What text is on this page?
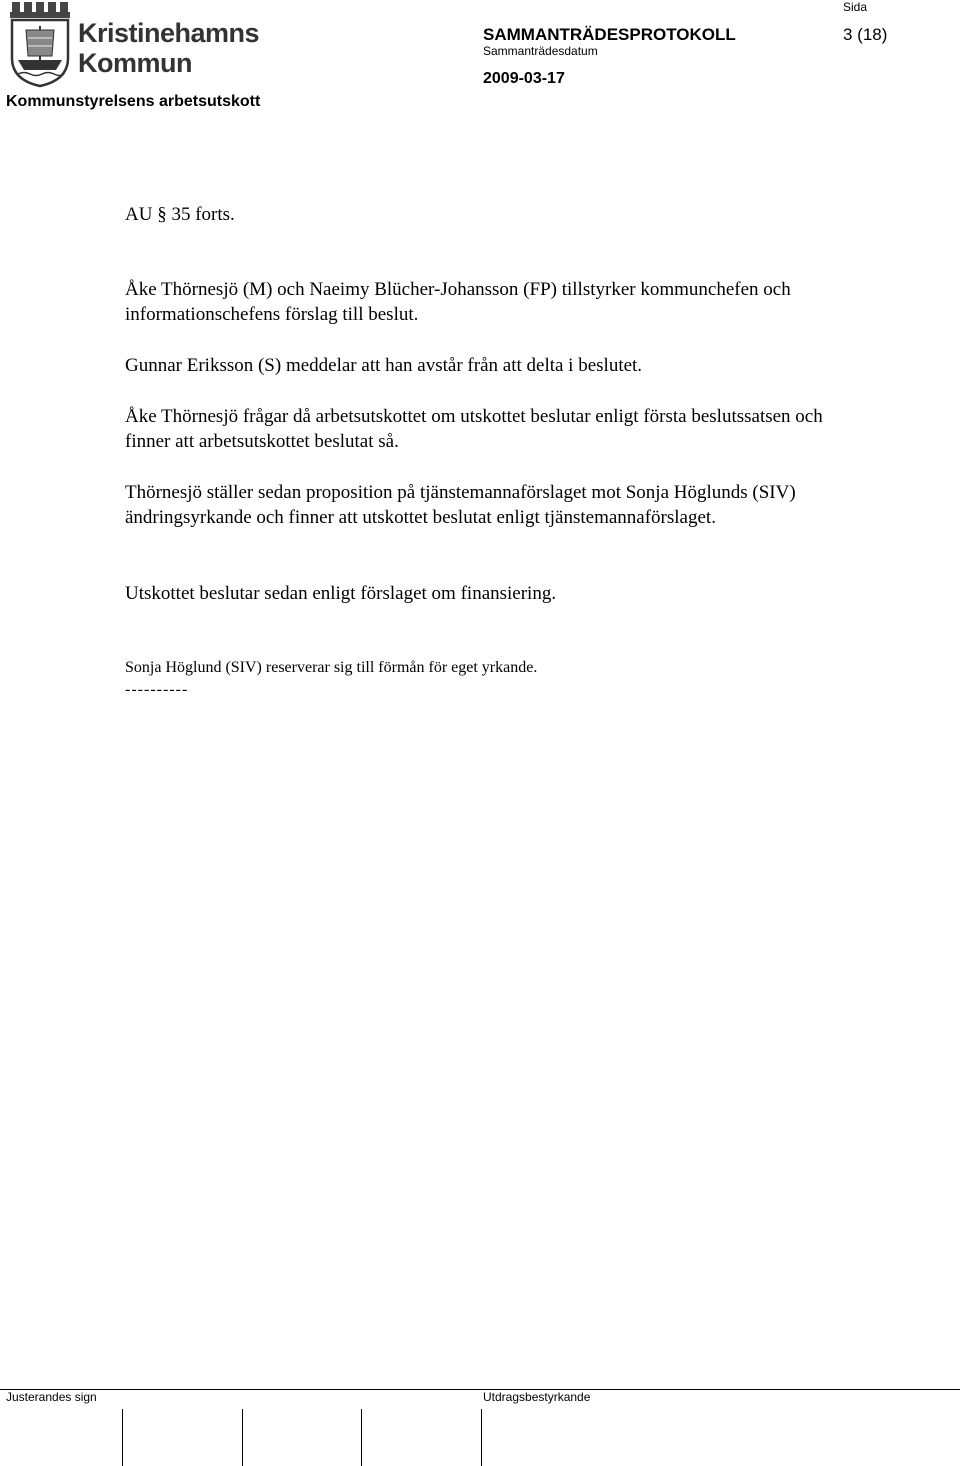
Kristinehamns
Kommun
Kommunstyrelsens arbetsutskott
SAMMANTRÄDESPROTOKOLL
Sammanträdesdatum
2009-03-17
Sida
3 (18)
AU § 35 forts.
Åke Thörnesjö (M) och Naeimy Blücher-Johansson (FP) tillstyrker kommunchefen och informationschefens förslag till beslut.
Gunnar Eriksson (S) meddelar att han avstår från att delta i beslutet.
Åke Thörnesjö frågar då arbetsutskottet om utskottet beslutar enligt första beslutssatsen och finner att arbetsutskottet beslutat så.
Thörnesjö ställer sedan proposition på tjänstemannaförslaget mot Sonja Höglunds (SIV) ändringsyrkande och finner att utskottet beslutat enligt tjänstemannaförslaget.
Utskottet beslutar sedan enligt förslaget om finansiering.
Sonja Höglund (SIV) reserverar sig till förmån för eget yrkande.
----------
Justerandes sign	Utdragsbestyrkande
